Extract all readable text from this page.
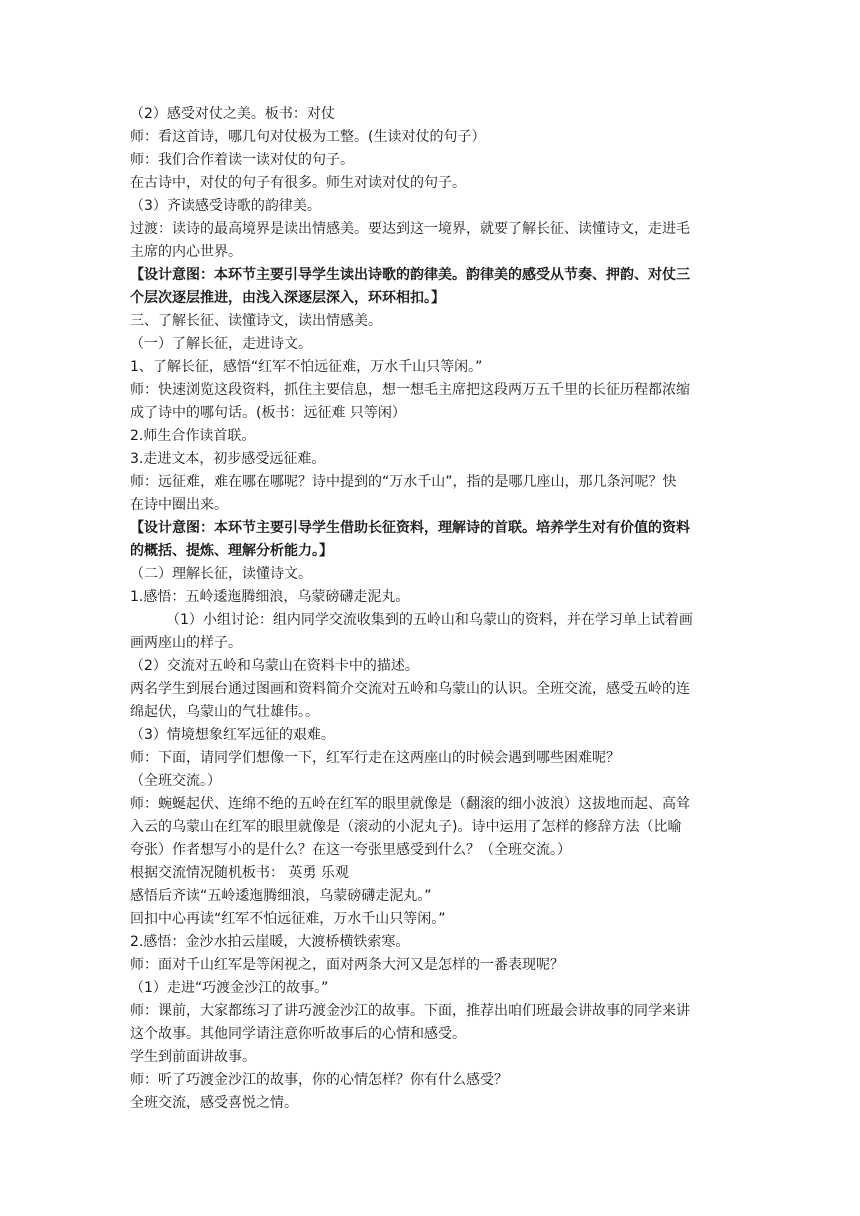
（2）感受对仗之美。板书：对仗
师：看这首诗，哪几句对仗极为工整。(生读对仗的句子）
师：我们合作着读一读对仗的句子。
在古诗中，对仗的句子有很多。师生对读对仗的句子。
（3）齐读感受诗歌的韵律美。
过渡：读诗的最高境界是读出情感美。要达到这一境界，就要了解长征、读懂诗文，走进毛
主席的内心世界。
【设计意图：本环节主要引导学生读出诗歌的韵律美。韵律美的感受从节奏、押韵、对仗三
个层次逐层推进，由浅入深逐层深入，环环相扣。】
三、了解长征、读懂诗文，读出情感美。
（一）了解长征，走进诗文。
1、了解长征，感悟“红军不怕远征难，万水千山只等闲。”
师：快速浏览这段资料，抓住主要信息，想一想毛主席把这段两万五千里的长征历程都浓缩
成了诗中的哪句话。(板书：远征难 只等闲）
2.师生合作读首联。
3.走进文本，初步感受远征难。
师：远征难，难在哪在哪呢？诗中提到的“万水千山”，指的是哪几座山，那几条河呢？快
在诗中圈出来。
【设计意图：本环节主要引导学生借助长征资料，理解诗的首联。培养学生对有价值的资料
的概括、提炼、理解分析能力。】
（二）理解长征，读懂诗文。
1.感悟：五岭逶迤腾细浪，乌蒙磅礴走泥丸。
（1）小组讨论：组内同学交流收集到的五岭山和乌蒙山的资料，并在学习单上试着画
画两座山的样子。
（2）交流对五岭和乌蒙山在资料卡中的描述。
两名学生到展台通过图画和资料简介交流对五岭和乌蒙山的认识。全班交流，感受五岭的连
绵起伏，乌蒙山的气壮雄伟。。
（3）情境想象红军远征的艰难。
师：下面，请同学们想像一下，红军行走在这两座山的时候会遇到哪些困难呢？
（全班交流。）
师：蜿蜒起伏、连绵不绝的五岭在红军的眼里就像是（翻滚的细小波浪）这拔地而起、高耸
入云的乌蒙山在红军的眼里就像是（滚动的小泥丸子)。诗中运用了怎样的修辞方法（比喻
夸张）作者想写小的是什么？在这一夸张里感受到什么？（全班交流。）
根据交流情况随机板书： 英勇 乐观
感悟后齐读“五岭逶迤腾细浪，乌蒙磅礴走泥丸。”
回扣中心再读“红军不怕远征难，万水千山只等闲。”
2.感悟：金沙水拍云崖暖，大渡桥横铁索寒。
师：面对千山红军是等闲视之，面对两条大河又是怎样的一番表现呢？
（1）走进“巧渡金沙江的故事。”
师：课前，大家都练习了讲巧渡金沙江的故事。下面，推荐出咱们班最会讲故事的同学来讲
这个故事。其他同学请注意你听故事后的心情和感受。
学生到前面讲故事。
师：听了巧渡金沙江的故事，你的心情怎样？你有什么感受？
全班交流，感受喜悦之情。
